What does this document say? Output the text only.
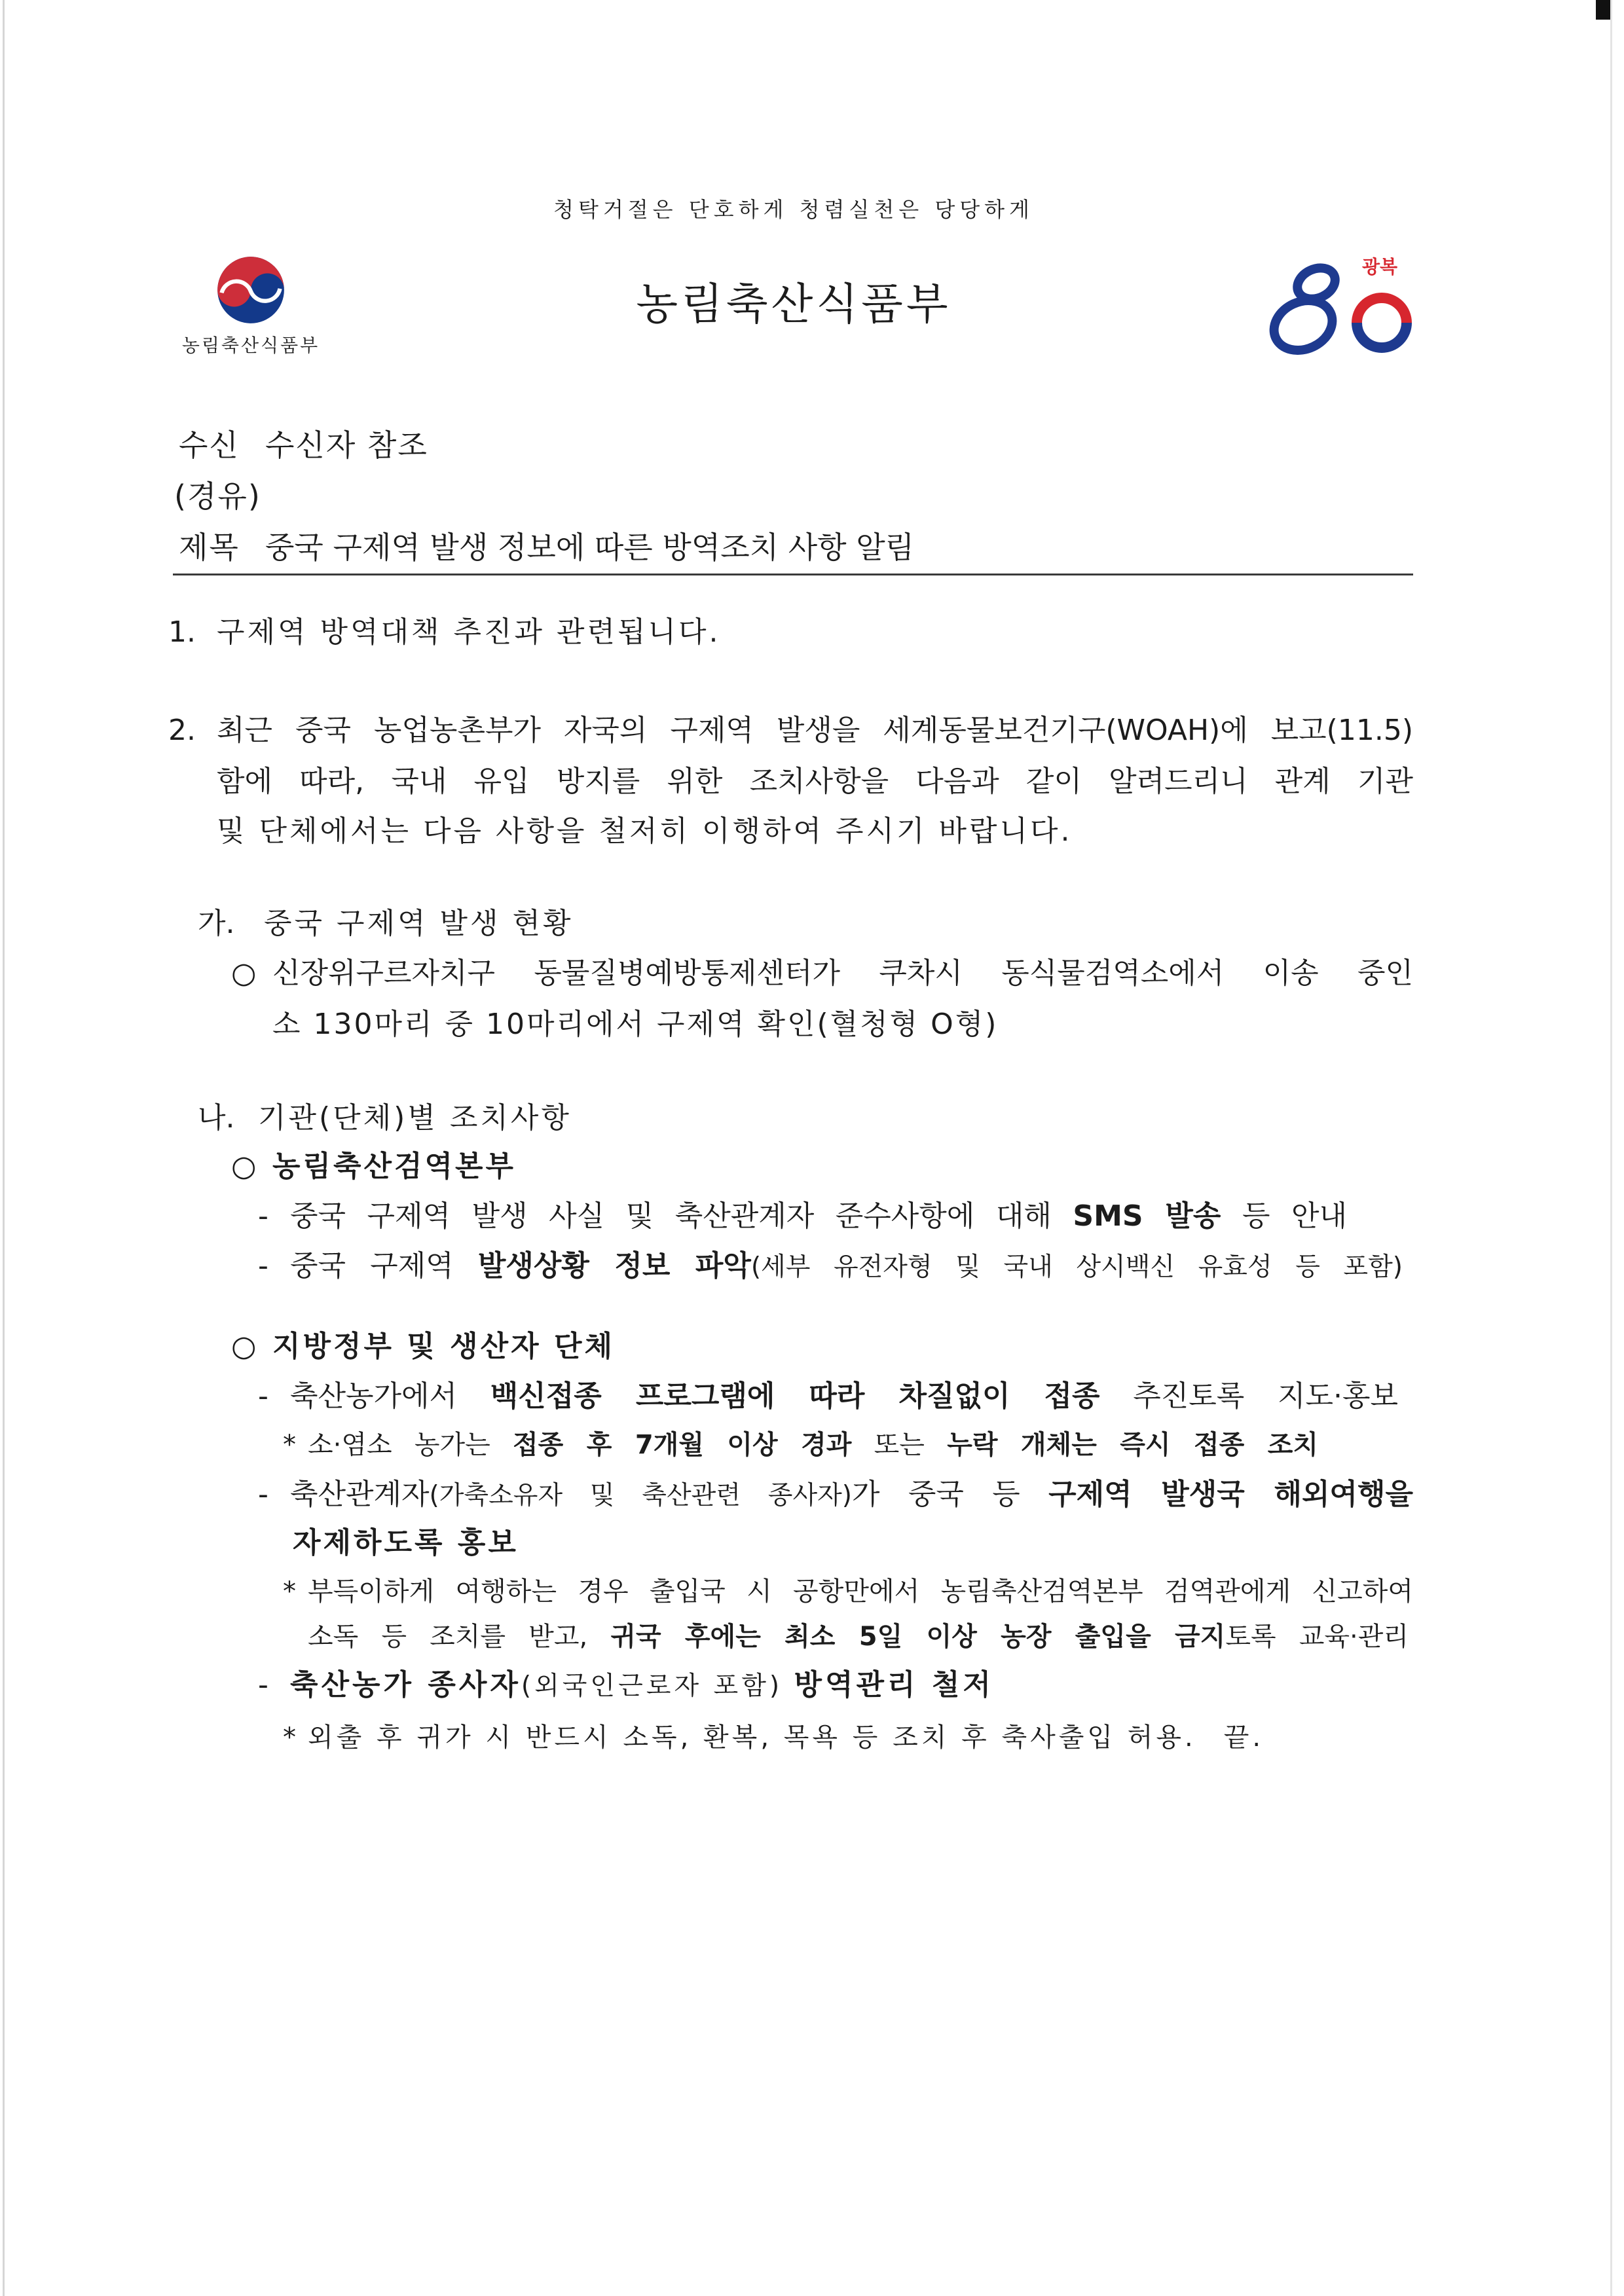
청탁거절은 단호하게 청렴실천은 당당하게
농림축산식품부
농림축산식품부
광복
수신 수신자 참조
(경유)
제목 중국 구제역 발생 정보에 따른 방역조치 사항 알림
1. 구제역 방역대책 추진과 관련됩니다.
2. 최근 중국 농업농촌부가 자국의 구제역 발생을 세계동물보건기구(WOAH)에 보고(11.5)
함에 따라, 국내 유입 방지를 위한 조치사항을 다음과 같이 알려드리니 관계 기관
및 단체에서는 다음 사항을 철저히 이행하여 주시기 바랍니다.
가. 중국 구제역 발생 현황
○ 신장위구르자치구 동물질병예방통제센터가 쿠차시 동식물검역소에서 이송 중인
소 130마리 중 10마리에서 구제역 확인(혈청형 O형)
나. 기관(단체)별 조치사항
○ 농림축산검역본부
- 중국 구제역 발생 사실 및 축산관계자 준수사항에 대해 SMS 발송 등 안내
- 중국 구제역 발생상황 정보 파악(세부 유전자형 및 국내 상시백신 유효성 등 포함)
○ 지방정부 및 생산자 단체
- 축산농가에서 백신접종 프로그램에 따라 차질없이 접종 추진토록 지도·홍보
* 소·염소 농가는 접종 후 7개월 이상 경과 또는 누락 개체는 즉시 접종 조치
- 축산관계자(가축소유자 및 축산관련 종사자)가 중국 등 구제역 발생국 해외여행을
자제하도록 홍보
* 부득이하게 여행하는 경우 출입국 시 공항만에서 농림축산검역본부 검역관에게 신고하여
소독 등 조치를 받고, 귀국 후에는 최소 5일 이상 농장 출입을 금지토록 교육·관리
- 축산농가 종사자(외국인근로자 포함) 방역관리 철저
* 외출 후 귀가 시 반드시 소독, 환복, 목욕 등 조치 후 축사출입 허용. 끝.
